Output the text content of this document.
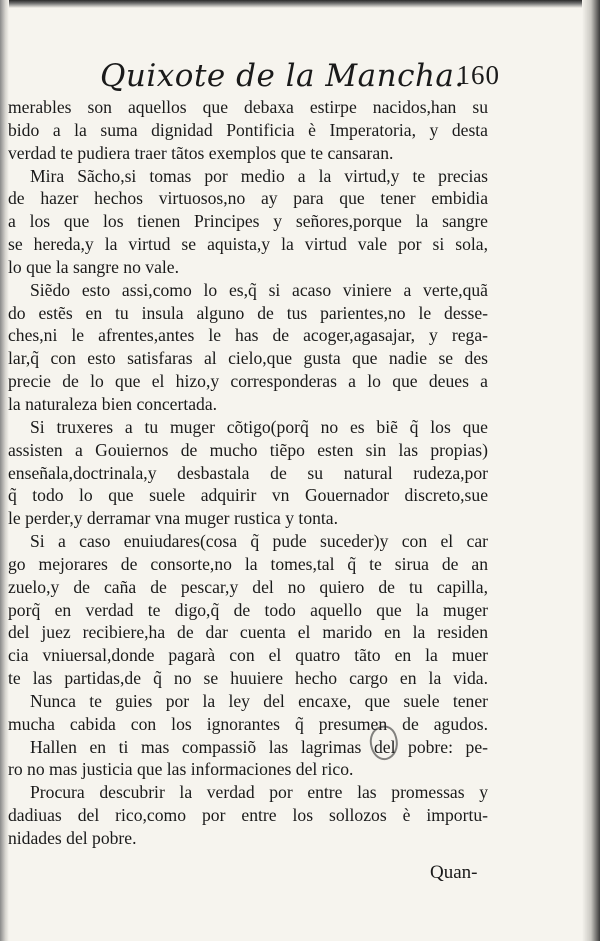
Quixote de la Mancha.
160
merables son aquellos que debaxa estirpe nacidos,han su
bido a la suma dignidad Pontificia è Imperatoria, y desta
verdad te pudiera traer tãtos exemplos que te cansaran.
Mira Sãcho,si tomas por medio a la virtud,y te precias
de hazer hechos virtuosos,no ay para que tener embidia
a los que los tienen Principes y señores,porque la sangre
se hereda,y la virtud se aquista,y la virtud vale por si sola,
lo que la sangre no vale.
Siẽdo esto assi,como lo es,q̃ si acaso viniere a verte,quã
do estẽs en tu insula alguno de tus parientes,no le desse-
ches,ni le afrentes,antes le has de acoger,agasajar, y rega-
lar,q̃ con esto satisfaras al cielo,que gusta que nadie se des
precie de lo que el hizo,y corresponderas a lo que deues a
la naturaleza bien concertada.
Si truxeres a tu muger cõtigo(porq̃ no es biẽ q̃ los que
assisten a Gouiernos de mucho tiẽpo esten sin las propias)
enseñala,doctrinala,y desbastala de su natural rudeza,por
q̃ todo lo que suele adquirir vn Gouernador discreto,sue
le perder,y derramar vna muger rustica y tonta.
Si a caso enuiudares(cosa q̃ pude suceder)y con el car
go mejorares de consorte,no la tomes,tal q̃ te sirua de an
zuelo,y de caña de pescar,y del no quiero de tu capilla,
porq̃ en verdad te digo,q̃ de todo aquello que la muger
del juez recibiere,ha de dar cuenta el marido en la residen
cia vniuersal,donde pagarà con el quatro tãto en la muer
te las partidas,de q̃ no se huuiere hecho cargo en la vida.
Nunca te guies por la ley del encaxe, que suele tener
mucha cabida con los ignorantes q̃ presumen de agudos.
Hallen en ti mas compassiõ las lagrimas del pobre: pe-
ro no mas justicia que las informaciones del rico.
Procura descubrir la verdad por entre las promessas y
dadiuas del rico,como por entre los sollozos è importu-
nidades del pobre.
Quan-
